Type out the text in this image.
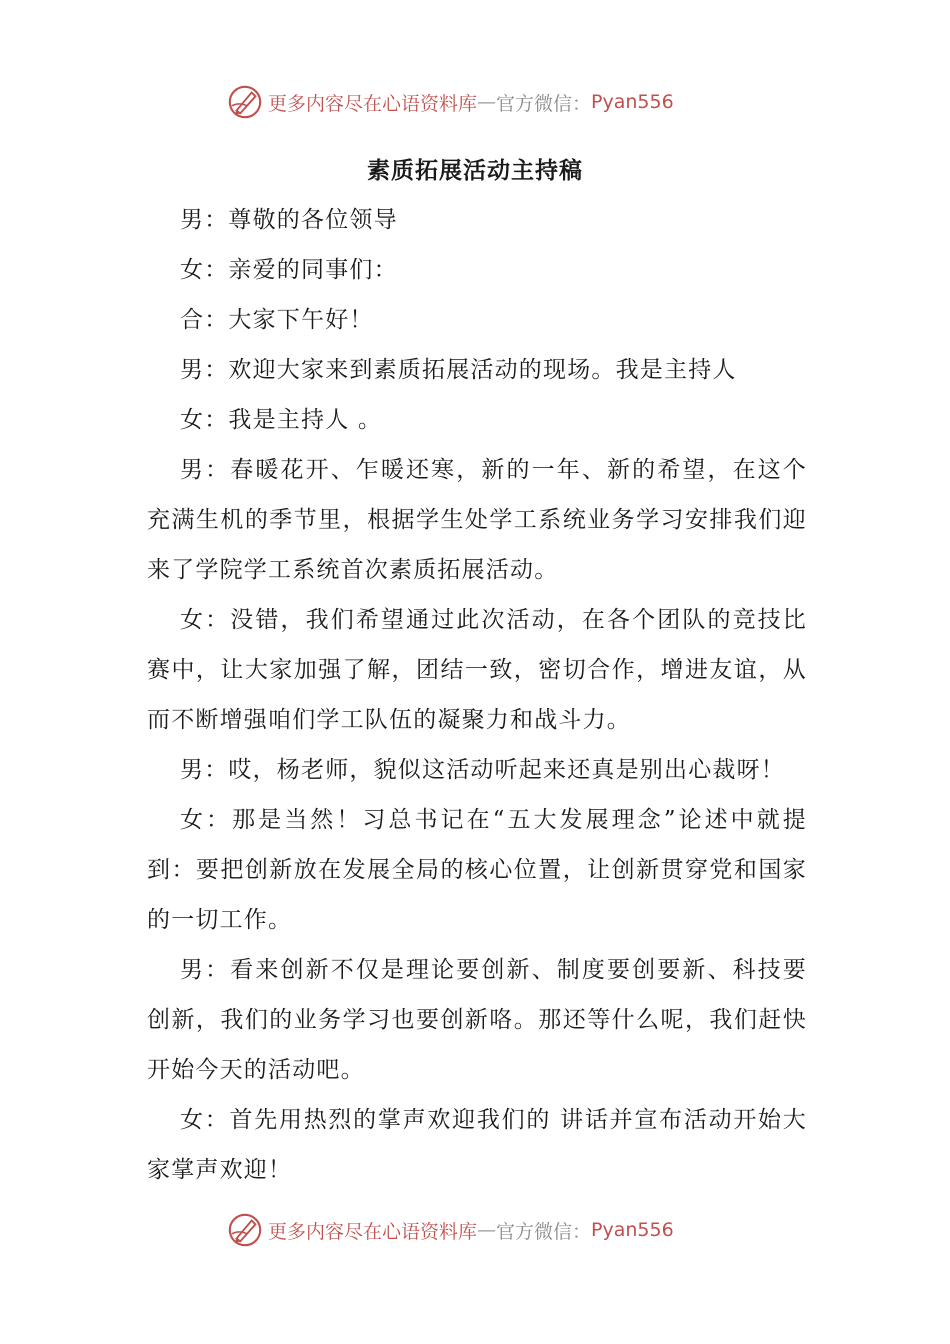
更多内容尽在心语资料库 — 官方微信： Pyan556
素质拓展活动主持稿

男：尊敬的各位领导

女：亲爱的同事们：

合：大家下午好！

男：欢迎大家来到素质拓展活动的现场。我是主持人

女：我是主持人 。

男：春暖花开、乍暖还寒，新的一年、新的希望，在这个充满生机的季节里，根据学生处学工系统业务学习安排我们迎来了学院学工系统首次素质拓展活动。

女：没错，我们希望通过此次活动，在各个团队的竞技比赛中，让大家加强了解，团结一致，密切合作，增进友谊，从而不断增强咱们学工队伍的凝聚力和战斗力。

男：哎，杨老师，貌似这活动听起来还真是别出心裁呀！

女：那是当然！习总书记在“五大发展理念”论述中就提到：要把创新放在发展全局的核心位置，让创新贯穿党和国家的一切工作。

男：看来创新不仅是理论要创新、制度要创要新、科技要创新，我们的业务学习也要创新咯。那还等什么呢，我们赶快开始今天的活动吧。

女：首先用热烈的掌声欢迎我们的 讲话并宣布活动开始大家掌声欢迎！

更多内容尽在心语资料库 — 官方微信： Pyan556
